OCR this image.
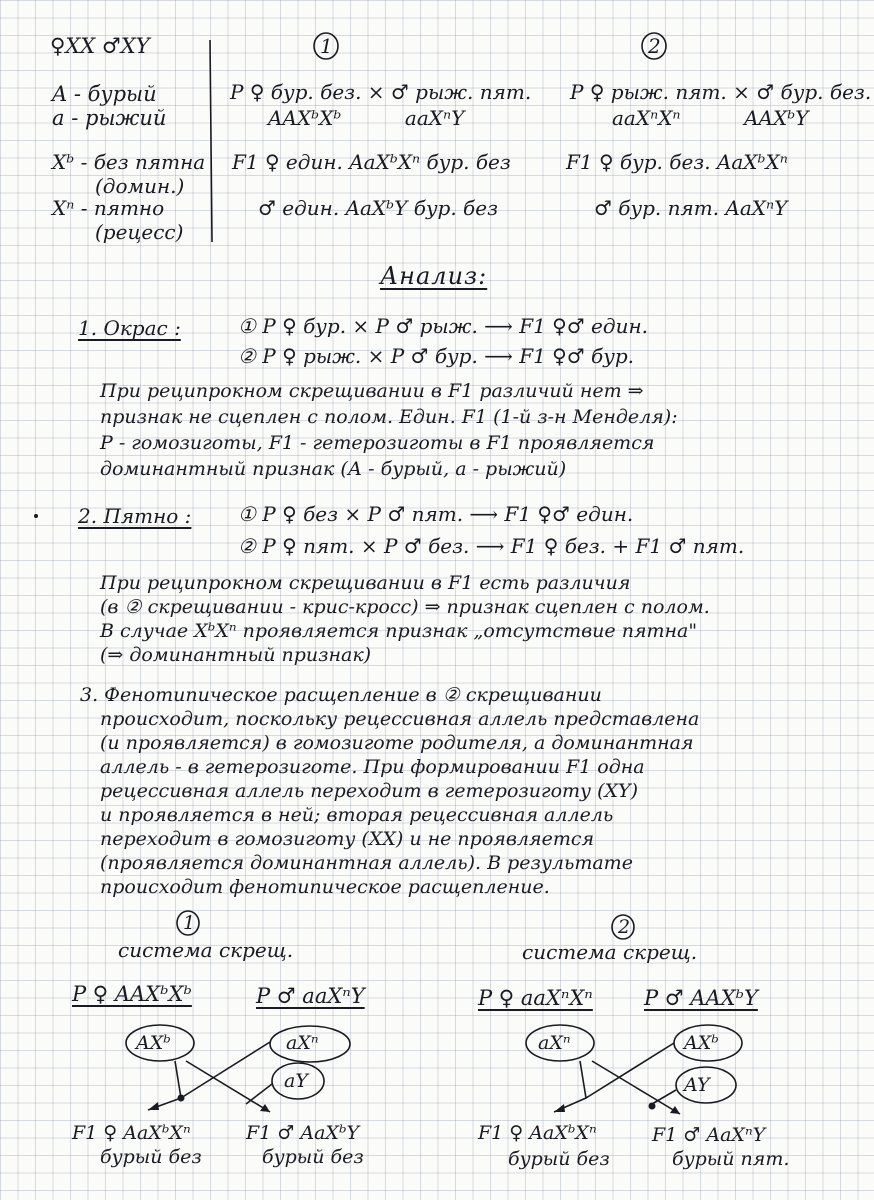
♀XX ♂XY
A - бурый
а - рыжий
Xᵇ - без пятна
(домин.)
Xⁿ - пятно
(рецесс)
1
P ♀ бур. без. × ♂ рыж. пят.
AAXᵇXᵇ          aaXⁿY
F1 ♀ един. AaXᵇXⁿ бур. без
♂ един. AaXᵇY бур. без
2
P ♀ рыж. пят. × ♂ бур. без.
aaXⁿXⁿ          AAXᵇY
F1 ♀ бур. без. AaXᵇXⁿ
♂ бур. пят. AaXⁿY
Анализ:
1. Окрас :	① P ♀ бур. × P ♂ рыж. ⟶ F1 ♀♂ един.
② P ♀ рыж. × P ♂ бур. ⟶ F1 ♀♂ бур.
При реципрокном скрещивании в F1 различий нет ⇒
признак не сцеплен с полом. Един. F1 (1-й з-н Менделя):
P - гомозиготы, F1 - гетерозиготы в F1 проявляется
доминантный признак (А - бурый, а - рыжий)
2. Пятно : ① P ♀ без × P ♂ пят. ⟶ F1 ♀♂ един.
② P ♀ пят. × P ♂ без. ⟶ F1 ♀ без. + F1 ♂ пят.
При реципрокном скрещивании в F1 есть различия
(в ② скрещивании - криc-кросс) ⇒ признак сцеплен с полом.
В случае XᵇXⁿ проявляется признак „отсутствие пятна"
(⇒ доминантный признак)
3. Фенотипическое расщепление в ② скрещивании
происходит, поскольку рецессивная аллель представлена
(и проявляется) в гомозиготе родителя, а доминантная
аллель - в гетерозиготе. При формировании F1 одна
рецессивная аллель переходит в гетерозиготу (XY)
и проявляется в ней; вторая рецессивная аллель
переходит в гомозиготу (XX) и не проявляется
(проявляется доминантная аллель). В результате
происходит фенотипическое расщепление.
1
система скрещ.
P ♀ AAXᵇXᵇ	P ♂ aaXⁿY
AXᵇ	aXⁿ
aY
F1 ♀ AaXᵇXⁿ	F1 ♂ AaXᵇY
бурый без	бурый без
2
система скрещ.
P ♀ aaXⁿXⁿ P ♂ AAXᵇY
aXⁿ	AXᵇ
AY
F1 ♀ AaXᵇXⁿ	F1 ♂ AaXⁿY
бурый без	бурый пят.
